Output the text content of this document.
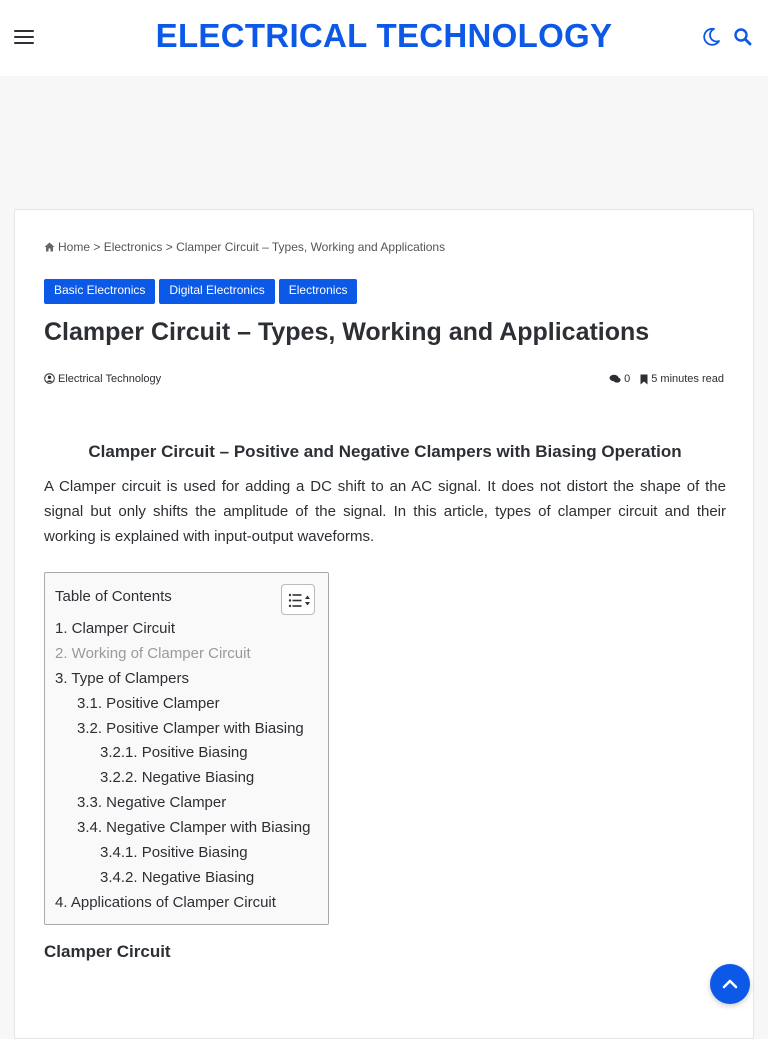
ELECTRICAL TECHNOLOGY
Home > Electronics > Clamper Circuit – Types, Working and Applications
Basic Electronics	Digital Electronics	Electronics
Clamper Circuit – Types, Working and Applications
Electrical Technology	0 5 minutes read
Clamper Circuit – Positive and Negative Clampers with Biasing Operation

A Clamper circuit is used for adding a DC shift to an AC signal. It does not distort the shape of the signal but only shifts the amplitude of the signal. In this article, types of clamper circuit and their working is explained with input-output waveforms.

Table of Contents
1. Clamper Circuit
2. Working of Clamper Circuit
3. Type of Clampers
3.1. Positive Clamper
3.2. Positive Clamper with Biasing
3.2.1. Positive Biasing
3.2.2. Negative Biasing
3.3. Negative Clamper
3.4. Negative Clamper with Biasing
3.4.1. Positive Biasing
3.4.2. Negative Biasing
4. Applications of Clamper Circuit
Clamper Circuit
